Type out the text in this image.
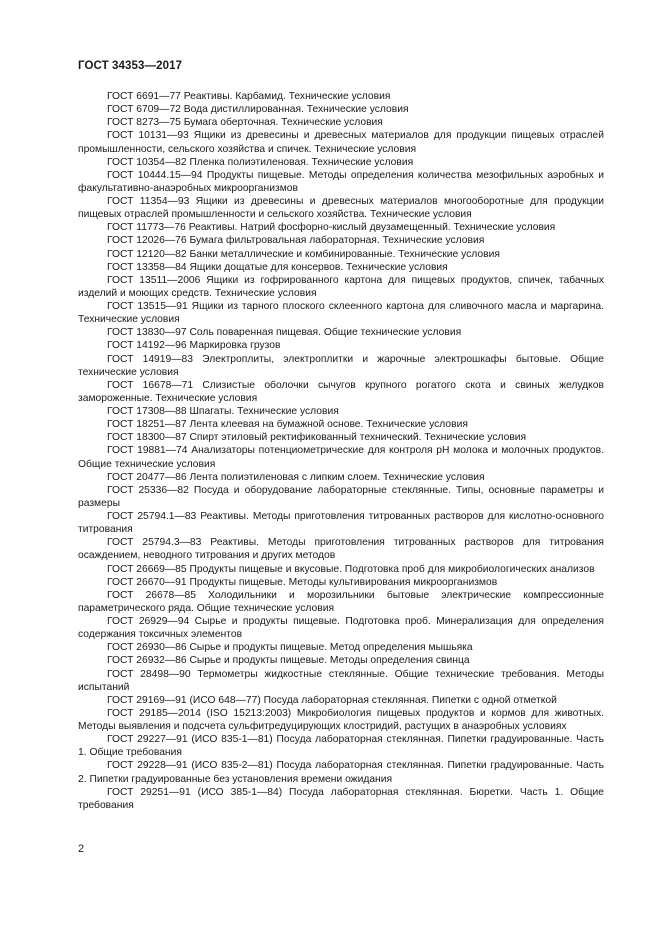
ГОСТ 34353—2017

ГОСТ 6691—77 Реактивы. Карбамид. Технические условия

ГОСТ 6709—72 Вода дистиллированная. Технические условия

ГОСТ 8273—75 Бумага оберточная. Технические условия

ГОСТ 10131—93 Ящики из древесины и древесных материалов для продукции пищевых отраслей промышленности, сельского хозяйства и спичек. Технические условия

ГОСТ 10354—82 Пленка полиэтиленовая. Технические условия

ГОСТ 10444.15—94 Продукты пищевые. Методы определения количества мезофильных аэробных и факультативно-анаэробных микроорганизмов

ГОСТ 11354—93 Ящики из древесины и древесных материалов многооборотные для продукции пищевых отраслей промышленности и сельского хозяйства. Технические условия

ГОСТ 11773—76 Реактивы. Натрий фосфорно-кислый двузамещенный. Технические условия

ГОСТ 12026—76 Бумага фильтровальная лабораторная. Технические условия

ГОСТ 12120—82 Банки металлические и комбинированные. Технические условия

ГОСТ 13358—84 Ящики дощатые для консервов. Технические условия

ГОСТ 13511—2006 Ящики из гофрированного картона для пищевых продуктов, спичек, табачных изделий и моющих средств. Технические условия

ГОСТ 13515—91 Ящики из тарного плоского склеенного картона для сливочного масла и маргарина. Технические условия

ГОСТ 13830—97 Соль поваренная пищевая. Общие технические условия

ГОСТ 14192—96 Маркировка грузов

ГОСТ 14919—83 Электроплиты, электроплитки и жарочные электрошкафы бытовые. Общие технические условия

ГОСТ 16678—71 Слизистые оболочки сычугов крупного рогатого скота и свиных желудков замороженные. Технические условия

ГОСТ 17308—88 Шпагаты. Технические условия

ГОСТ 18251—87 Лента клеевая на бумажной основе. Технические условия

ГОСТ 18300—87 Спирт этиловый ректификованный технический. Технические условия

ГОСТ 19881—74 Анализаторы потенциометрические для контроля pH молока и молочных продуктов. Общие технические условия

ГОСТ 20477—86 Лента полиэтиленовая с липким слоем. Технические условия

ГОСТ 25336—82 Посуда и оборудование лабораторные стеклянные. Типы, основные параметры и размеры

ГОСТ 25794.1—83 Реактивы. Методы приготовления титрованных растворов для кислотно-основного титрования

ГОСТ 25794.3—83 Реактивы. Методы приготовления титрованных растворов для титрования осаждением, неводного титрования и других методов

ГОСТ 26669—85 Продукты пищевые и вкусовые. Подготовка проб для микробиологических анализов

ГОСТ 26670—91 Продукты пищевые. Методы культивирования микроорганизмов

ГОСТ 26678—85 Холодильники и морозильники бытовые электрические компрессионные параметрического ряда. Общие технические условия

ГОСТ 26929—94 Сырье и продукты пищевые. Подготовка проб. Минерализация для определения содержания токсичных элементов

ГОСТ 26930—86 Сырье и продукты пищевые. Метод определения мышьяка

ГОСТ 26932—86 Сырье и продукты пищевые. Методы определения свинца

ГОСТ 28498—90 Термометры жидкостные стеклянные. Общие технические требования. Методы испытаний

ГОСТ 29169—91 (ИСО 648—77) Посуда лабораторная стеклянная. Пипетки с одной отметкой

ГОСТ 29185—2014 (ISO 15213:2003) Микробиология пищевых продуктов и кормов для животных. Методы выявления и подсчета сульфитредуцирующих клостридий, растущих в анаэробных условиях

ГОСТ 29227—91 (ИСО 835-1—81) Посуда лабораторная стеклянная. Пипетки градуированные. Часть 1. Общие требования

ГОСТ 29228—91 (ИСО 835-2—81) Посуда лабораторная стеклянная. Пипетки градуированные. Часть 2. Пипетки градуированные без установления времени ожидания

ГОСТ 29251—91 (ИСО 385-1—84) Посуда лабораторная стеклянная. Бюретки. Часть 1. Общие требования

2
